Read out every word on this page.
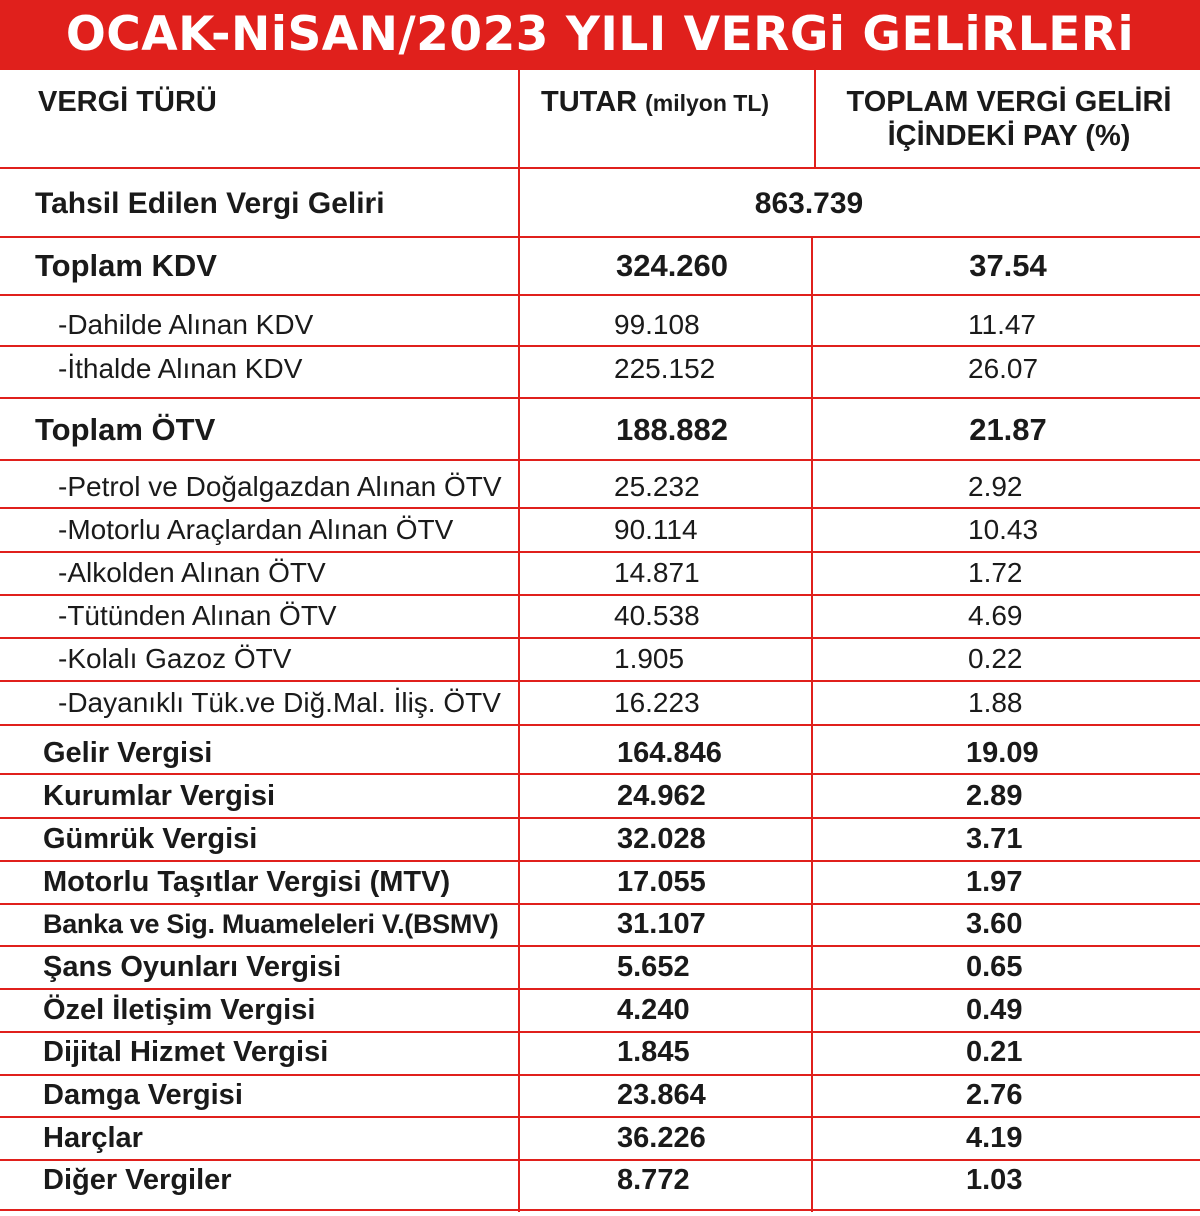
OCAK-NiSAN/2023 YILI VERGi GELiRLERi
VERGİ TÜRÜ	TUTAR (milyon TL)	TOPLAM VERGİ GELİRİ
İÇİNDEKİ PAY (%)
Tahsil Edilen Vergi Geliri	863.739
Toplam KDV	324.260	37.54
-Dahilde Alınan KDV	99.108	11.47
-İthalde Alınan KDV	225.152	26.07
Toplam ÖTV	188.882	21.87
-Petrol ve Doğalgazdan Alınan ÖTV	25.232	2.92
-Motorlu Araçlardan Alınan ÖTV	90.114	10.43
-Alkolden Alınan ÖTV	14.871	1.72
-Tütünden Alınan ÖTV	40.538	4.69
-Kolalı Gazoz ÖTV	1.905	0.22
-Dayanıklı Tük.ve Diğ.Mal. İliş. ÖTV	16.223	1.88
Gelir Vergisi	164.846	19.09
Kurumlar Vergisi	24.962	2.89
Gümrük Vergisi	32.028	3.71
Motorlu Taşıtlar Vergisi (MTV)	17.055	1.97
Banka ve Sig. Muameleleri V.(BSMV)	31.107	3.60
Şans Oyunları Vergisi	5.652	0.65
Özel İletişim Vergisi	4.240	0.49
Dijital Hizmet Vergisi	1.845	0.21
Damga Vergisi	23.864	2.76
Harçlar	36.226	4.19
Diğer Vergiler	8.772	1.03
